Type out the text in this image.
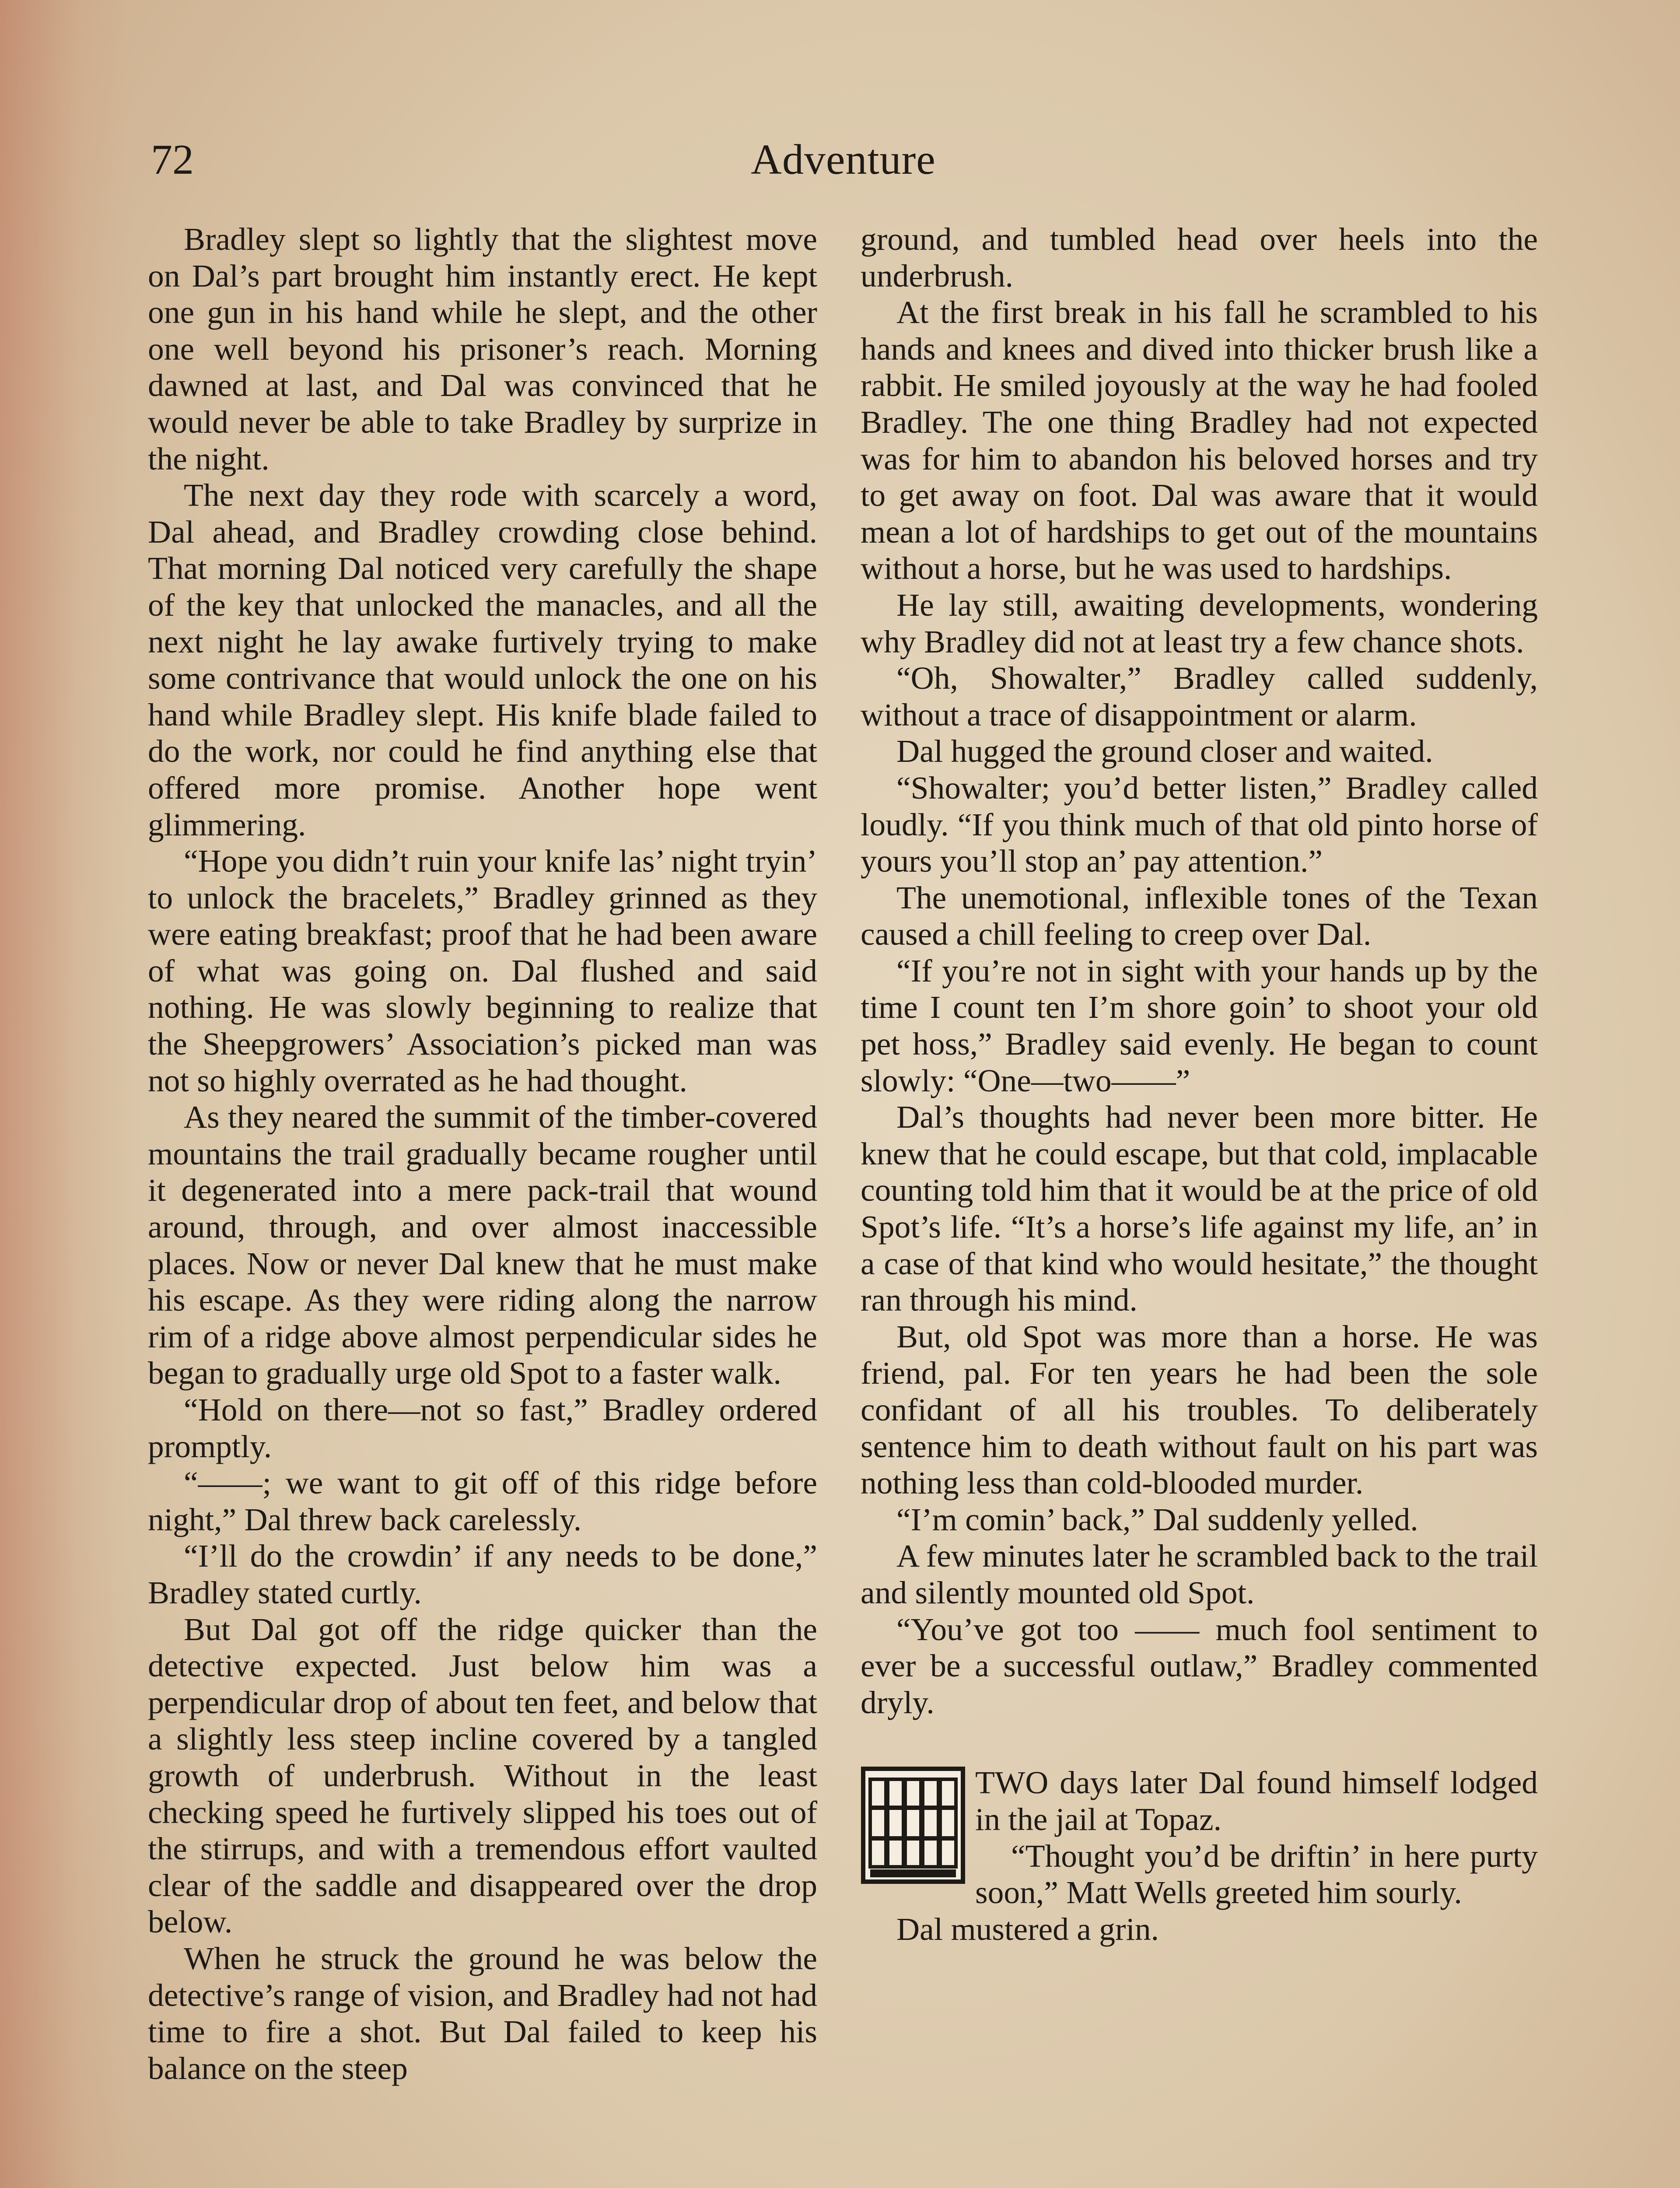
72	Adventure

Bradley slept so lightly that the slightest move on Dal’s part brought him instantly erect. He kept one gun in his hand while he slept, and the other one well beyond his prisoner’s reach. Morning dawned at last, and Dal was convinced that he would never be able to take Bradley by surprize in the night.

The next day they rode with scarcely a word, Dal ahead, and Bradley crowding close behind. That morning Dal noticed very carefully the shape of the key that unlocked the manacles, and all the next night he lay awake furtively trying to make some contrivance that would unlock the one on his hand while Bradley slept. His knife blade failed to do the work, nor could he find anything else that offered more promise. Another hope went glimmering.

“Hope you didn’t ruin your knife las’ night tryin’ to unlock the bracelets,” Bradley grinned as they were eating breakfast; proof that he had been aware of what was going on. Dal flushed and said nothing. He was slowly beginning to realize that the Sheepgrowers’ Association’s picked man was not so highly overrated as he had thought.

As they neared the summit of the timber-covered mountains the trail gradually became rougher until it degenerated into a mere pack-trail that wound around, through, and over almost inaccessible places. Now or never Dal knew that he must make his escape. As they were riding along the narrow rim of a ridge above almost perpendicular sides he began to gradually urge old Spot to a faster walk.

“Hold on there—not so fast,” Bradley ordered promptly.

“——; we want to git off of this ridge before night,” Dal threw back carelessly.

“I’ll do the crowdin’ if any needs to be done,” Bradley stated curtly.

But Dal got off the ridge quicker than the detective expected. Just below him was a perpendicular drop of about ten feet, and below that a slightly less steep incline covered by a tangled growth of underbrush. Without in the least checking speed he furtively slipped his toes out of the stirrups, and with a tremendous effort vaulted clear of the saddle and disappeared over the drop below.

When he struck the ground he was below the detective’s range of vision, and Bradley had not had time to fire a shot. But Dal failed to keep his balance on the steep

ground, and tumbled head over heels into the underbrush.

At the first break in his fall he scrambled to his hands and knees and dived into thicker brush like a rabbit. He smiled joyously at the way he had fooled Bradley. The one thing Bradley had not expected was for him to abandon his beloved horses and try to get away on foot. Dal was aware that it would mean a lot of hardships to get out of the mountains without a horse, but he was used to hardships.

He lay still, awaiting developments, wondering why Bradley did not at least try a few chance shots.

“Oh, Showalter,” Bradley called suddenly, without a trace of disappointment or alarm.

Dal hugged the ground closer and waited.

“Showalter; you’d better listen,” Bradley called loudly. “If you think much of that old pinto horse of yours you’ll stop an’ pay attention.”

The unemotional, inflexible tones of the Texan caused a chill feeling to creep over Dal.

“If you’re not in sight with your hands up by the time I count ten I’m shore goin’ to shoot your old pet hoss,” Bradley said evenly. He began to count slowly: “One—two——”

Dal’s thoughts had never been more bitter. He knew that he could escape, but that cold, implacable counting told him that it would be at the price of old Spot’s life. “It’s a horse’s life against my life, an’ in a case of that kind who would hesitate,” the thought ran through his mind.

But, old Spot was more than a horse. He was friend, pal. For ten years he had been the sole confidant of all his troubles. To deliberately sentence him to death without fault on his part was nothing less than cold-blooded murder.

“I’m comin’ back,” Dal suddenly yelled.

A few minutes later he scrambled back to the trail and silently mounted old Spot.

“You’ve got too —— much fool sentiment to ever be a successful outlaw,” Bradley commented dryly.

TWO days later Dal found himself lodged in the jail at Topaz.

“Thought you’d be driftin’ in here purty soon,” Matt Wells greeted him sourly.

Dal mustered a grin.
